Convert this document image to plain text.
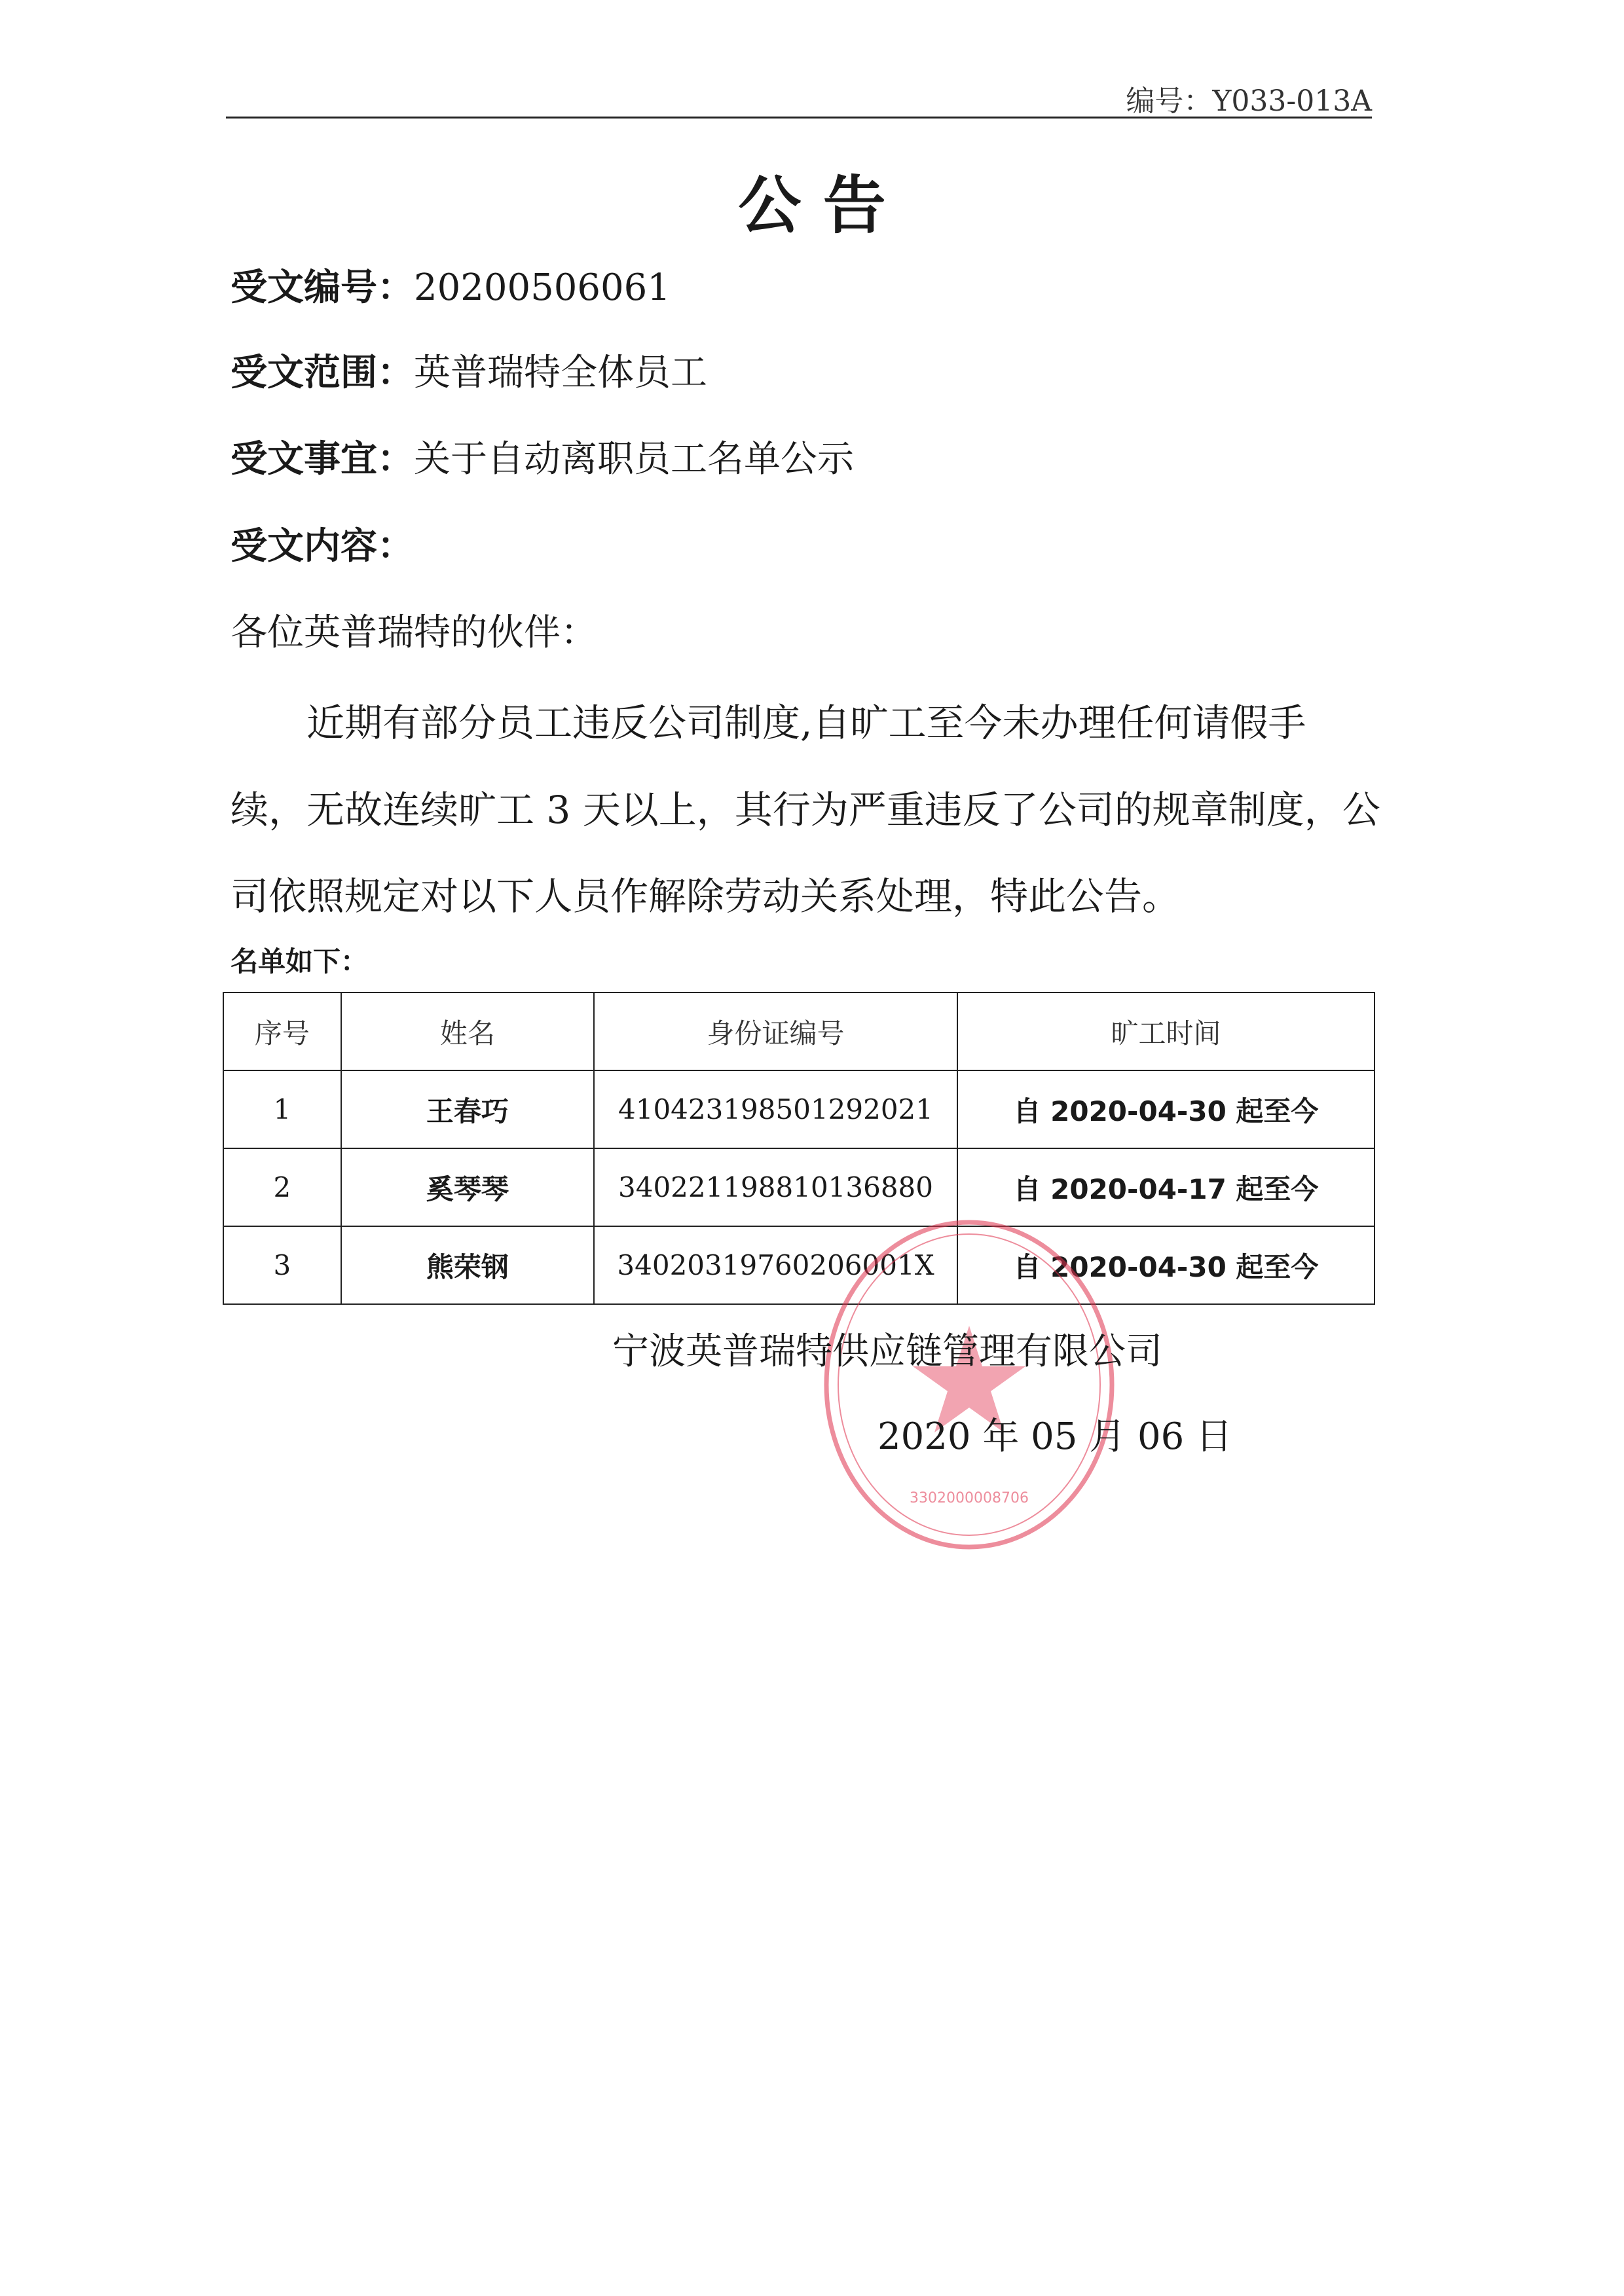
编号：Y033-013A
公 告
受文编号：20200506061
受文范围：英普瑞特全体员工
受文事宜：关于自动离职员工名单公示
受文内容：
各位英普瑞特的伙伴：
近期有部分员工违反公司制度,自旷工至今未办理任何请假手
续，无故连续旷工 3 天以上，其行为严重违反了公司的规章制度，公
司依照规定对以下人员作解除劳动关系处理，特此公告。
名单如下：
序号	姓名	身份证编号	旷工时间
1	王春巧	410423198501292021	自 2020-04-30 起至今
2	奚琴琴	340221198810136880	自 2020-04-17 起至今
3	熊荣钢	34020319760206001X	自 2020-04-30 起至今
3302000008706
宁波英普瑞特供应链管理有限公司
2020 年 05 月 06 日
